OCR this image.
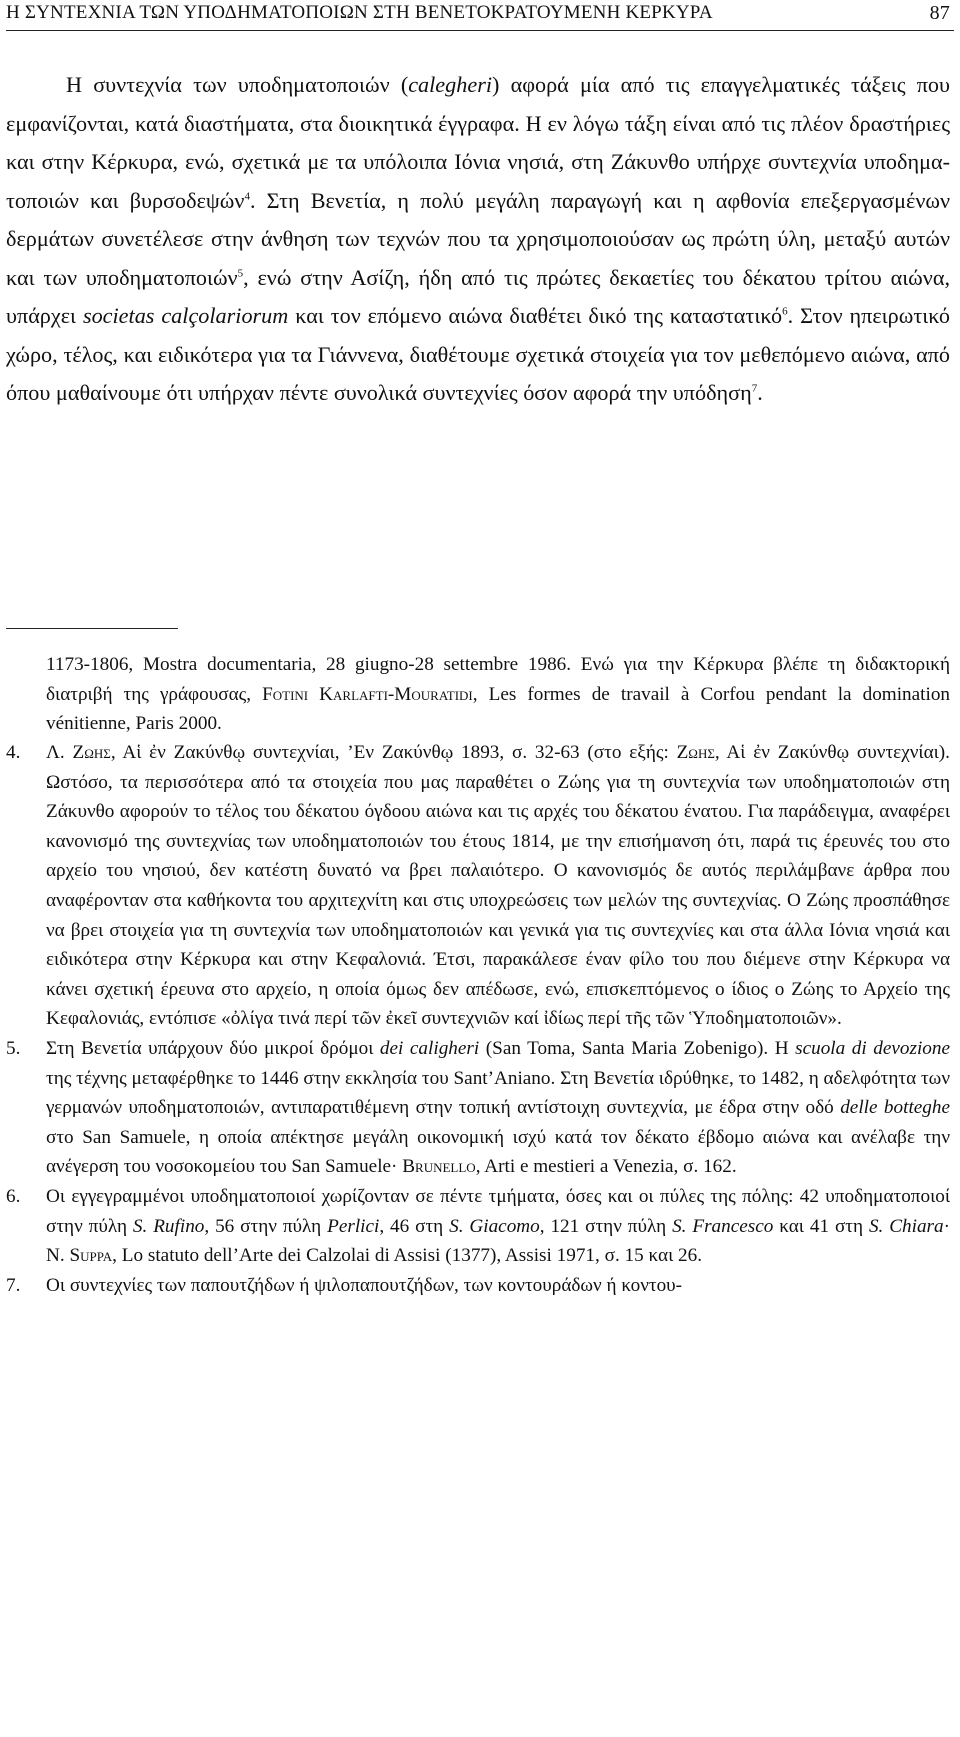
Η ΣΥΝΤΕΧΝΙΑ ΤΩΝ ΥΠΟΔΗΜΑΤΟΠΟΙΩΝ ΣΤΗ ΒΕΝΕΤΟΚΡΑΤΟΥΜΕΝΗ ΚΕΡΚΥΡΑ	87

Η συντεχνία των υποδηματοποιών (calegheri) αφορά μία από τις επαγγελματικές τάξεις που εμφανίζονται, κατά διαστήματα, στα διοικητικά έγγραφα. Η εν λόγω τάξη είναι από τις πλέον δραστήριες και στην Κέρκυρα, ενώ, σχετικά με τα υπόλοιπα Ιόνια νησιά, στη Ζάκυνθο υπήρχε συντεχνία υποδηματοποιών και βυρσοδεψών$^4$. Στη Βενετία, η πολύ μεγάλη παραγωγή και η αφθονία επεξεργασμένων δερμάτων συνετέλεσε στην άνθηση των τεχνών που τα χρησιμοποιούσαν ως πρώτη ύλη, μεταξύ αυτών και των υποδηματοποιών$^5$, ενώ στην Ασίζη, ήδη από τις πρώτες δεκαετίες του δέκατου τρίτου αιώνα, υπάρχει societas calçolariorum και τον επόμενο αιώνα διαθέτει δικό της καταστατικό$^6$. Στον ηπειρωτικό χώρο, τέλος, και ειδικότερα για τα Γιάννενα, διαθέτουμε σχετικά στοιχεία για τον μεθεπόμενο αιώνα, από όπου μαθαίνουμε ότι υπήρχαν πέντε συνολικά συντεχνίες όσον αφορά την υπόδηση$^7$.

1173-1806, Mostra documentaria, 28 giugno-28 settembre 1986. Ενώ για την Κέρκυρα βλέπε τη διδακτορική διατριβή της γράφουσας, Fotini Karlafti-Mouratidi, Les formes de travail à Corfou pendant la domination vénitienne, Paris 2000.

4. Λ. Ζωης, Αἱ ἐν Ζακύνθῳ συντεχνίαι, ’Εν Ζακύνθῳ 1893, σ. 32-63 (στο εξής: Ζωης, Αἱ ἐν Ζακύνθῳ συντεχνίαι). Ωστόσο, τα περισσότερα από τα στοιχεία που μας παραθέτει ο Ζώης για τη συντεχνία των υποδηματοποιών στη Ζάκυνθο αφορούν το τέλος του δέκατου όγδοου αιώνα και τις αρχές του δέκατου ένατου. Για παράδειγμα, αναφέρει κανονισμό της συντεχνίας των υποδηματοποιών του έτους 1814, με την επισήμανση ότι, παρά τις έρευνές του στο αρχείο του νησιού, δεν κατέστη δυνατό να βρει παλαιότερο. Ο κανονισμός δε αυτός περιλάμβανε άρθρα που αναφέρονταν στα καθήκοντα του αρχιτεχνίτη και στις υποχρεώσεις των μελών της συντεχνίας. Ο Ζώης προσπάθησε να βρει στοιχεία για τη συντεχνία των υποδηματοποιών και γενικά για τις συντεχνίες και στα άλλα Ιόνια νησιά και ειδικότερα στην Κέρκυρα και στην Κεφαλονιά. Έτσι, παρακάλεσε έναν φίλο του που διέμενε στην Κέρκυρα να κάνει σχετική έρευνα στο αρχείο, η οποία όμως δεν απέδωσε, ενώ, επισκεπτόμενος ο ίδιος ο Ζώης το Αρχείο της Κεφαλονιάς, εντόπισε «ὀλίγα τινά περί τῶν ἐκεῖ συντεχνιῶν καί ἰδίως περί τῆς τῶν Ὑποδηματοποιῶν».
5. Στη Βενετία υπάρχουν δύο μικροί δρόμοι dei caligheri (San Toma, Santa Maria Zobenigo). Η scuola di devozione της τέχνης μεταφέρθηκε το 1446 στην εκκλησία του Sant’Aniano. Στη Βενετία ιδρύθηκε, το 1482, η αδελφότητα των γερμανών υποδηματοποιών, αντιπαρατιθέμενη στην τοπική αντίστοιχη συντεχνία, με έδρα στην οδό delle botteghe στο San Samuele, η οποία απέκτησε μεγάλη οικονομική ισχύ κατά τον δέκατο έβδομο αιώνα και ανέλαβε την ανέγερση του νοσοκομείου του San Samuele· Brunello, Arti e mestieri a Venezia, σ. 162.
6. Οι εγγεγραμμένοι υποδηματοποιοί χωρίζονταν σε πέντε τμήματα, όσες και οι πύλες της πόλης: 42 υποδηματοποιοί στην πύλη S. Rufino, 56 στην πύλη Perlici, 46 στη S. Giacomo, 121 στην πύλη S. Francesco και 41 στη S. Chiara· N. Suppa, Lo statuto dell’Arte dei Calzolai di Assisi (1377), Assisi 1971, σ. 15 και 26.
7. Οι συντεχνίες των παπουτζήδων ή ψιλοπαπουτζήδων, των κοντουράδων ή κοντου-
